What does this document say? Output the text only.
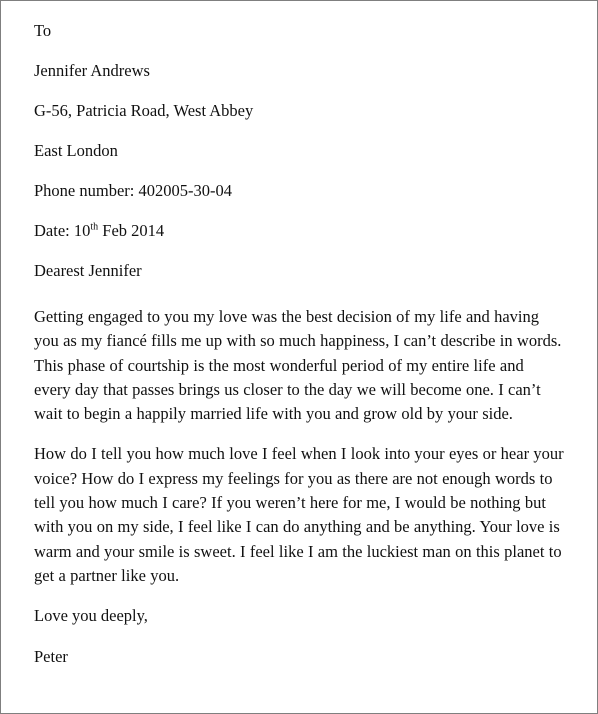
To

Jennifer Andrews

G-56, Patricia Road, West Abbey

East London

Phone number: 402005-30-04

Date: 10th Feb 2014

Dearest Jennifer

Getting engaged to you my love was the best decision of my life and having you as my fiancé fills me up with so much happiness, I can’t describe in words. This phase of courtship is the most wonderful period of my entire life and every day that passes brings us closer to the day we will become one. I can’t wait to begin a happily married life with you and grow old by your side.

How do I tell you how much love I feel when I look into your eyes or hear your voice? How do I express my feelings for you as there are not enough words to tell you how much I care? If you weren’t here for me, I would be nothing but with you on my side, I feel like I can do anything and be anything. Your love is warm and your smile is sweet. I feel like I am the luckiest man on this planet to get a partner like you.

Love you deeply,

Peter
